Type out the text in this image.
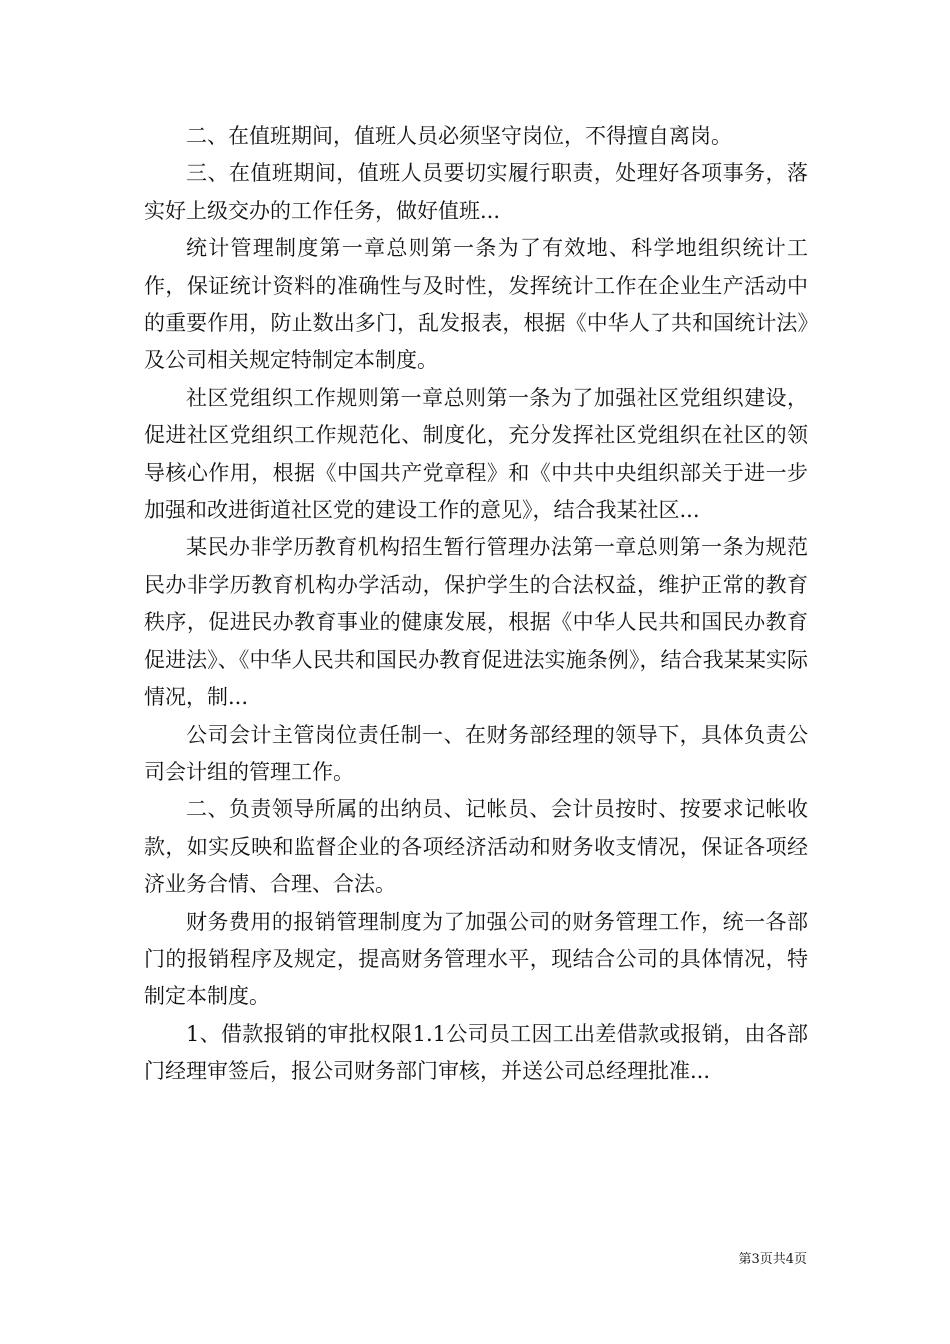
二、在值班期间，值班人员必须坚守岗位，不得擅自离岗。

三、在值班期间，值班人员要切实履行职责，处理好各项事务，落实好上级交办的工作任务，做好值班...

统计管理制度第一章总则第一条为了有效地、科学地组织统计工作，保证统计资料的准确性与及时性，发挥统计工作在企业生产活动中的重要作用，防止数出多门，乱发报表，根据《中华人了共和国统计法》及公司相关规定特制定本制度。

社区党组织工作规则第一章总则第一条为了加强社区党组织建设，促进社区党组织工作规范化、制度化，充分发挥社区党组织在社区的领导核心作用，根据《中国共产党章程》和《中共中央组织部关于进一步加强和改进街道社区党的建设工作的意见》，结合我某社区...

某民办非学历教育机构招生暂行管理办法第一章总则第一条为规范民办非学历教育机构办学活动，保护学生的合法权益，维护正常的教育秩序，促进民办教育事业的健康发展，根据《中华人民共和国民办教育促进法》、《中华人民共和国民办教育促进法实施条例》，结合我某某实际情况，制...

公司会计主管岗位责任制一、在财务部经理的领导下，具体负责公司会计组的管理工作。

二、负责领导所属的出纳员、记帐员、会计员按时、按要求记帐收款，如实反映和监督企业的各项经济活动和财务收支情况，保证各项经济业务合情、合理、合法。

财务费用的报销管理制度为了加强公司的财务管理工作，统一各部门的报销程序及规定，提高财务管理水平，现结合公司的具体情况，特制定本制度。

1、借款报销的审批权限1.1公司员工因工出差借款或报销，由各部门经理审签后，报公司财务部门审核，并送公司总经理批准...

第3页共4页
